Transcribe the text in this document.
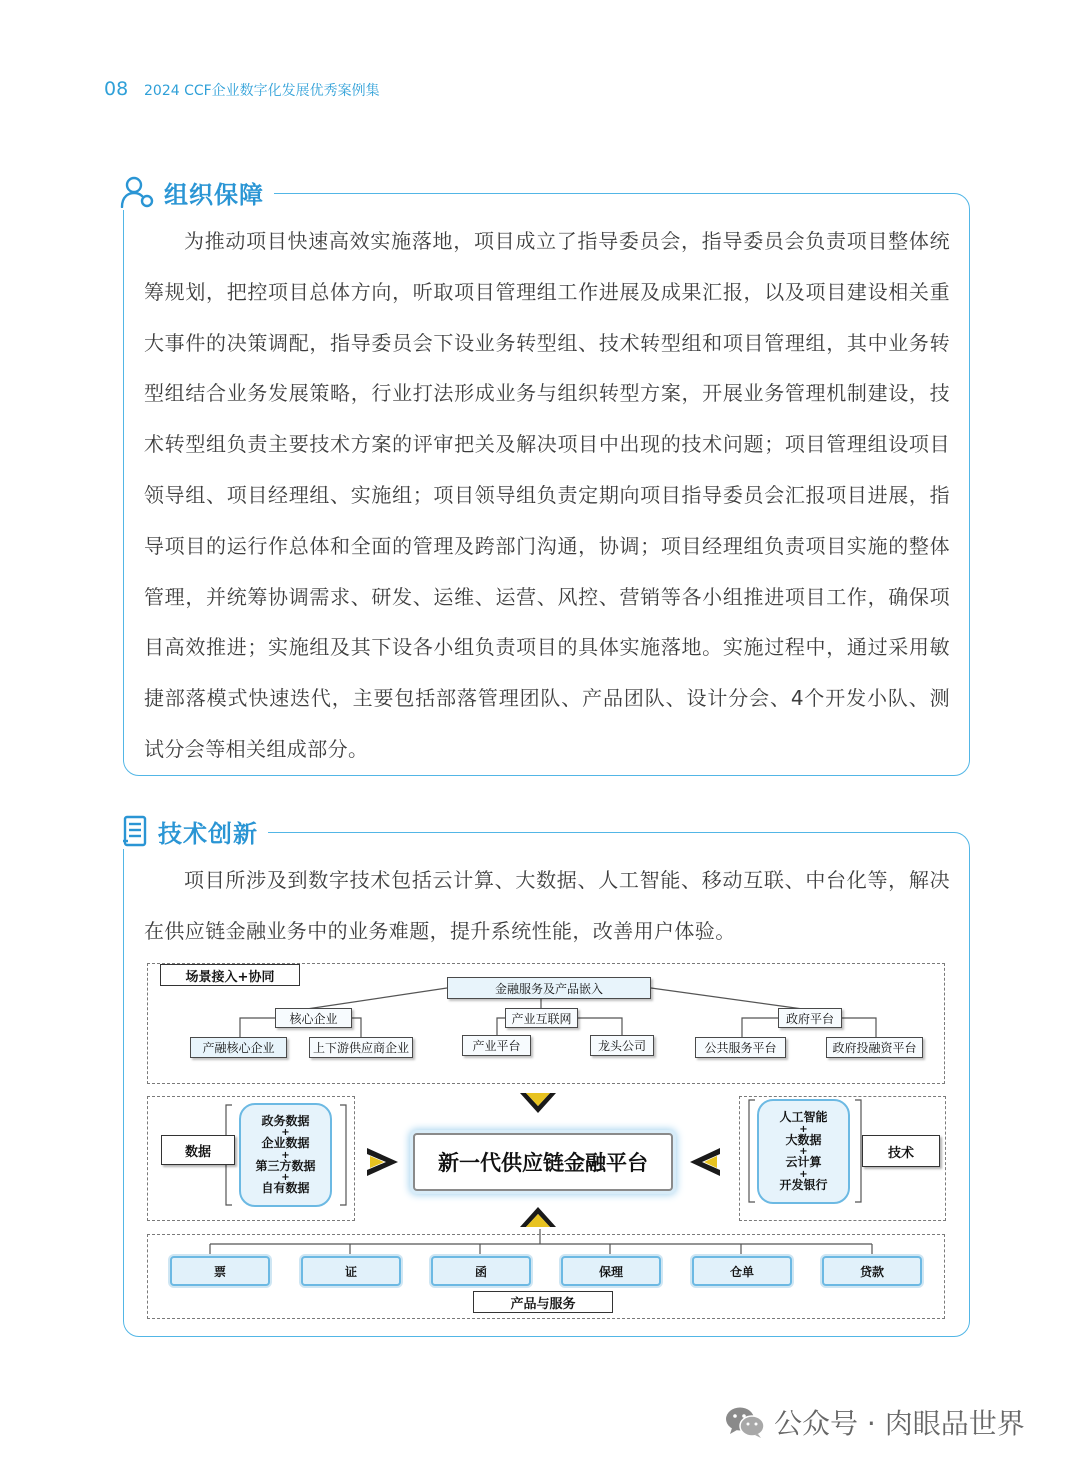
08 2024 CCF企业数字化发展优秀案例集
组织保障

为推动项目快速高效实施落地，项目成立了指导委员会，指导委员会负责项目整体统筹规划，把控项目总体方向，听取项目管理组工作进展及成果汇报，以及项目建设相关重大事件的决策调配，指导委员会下设业务转型组、技术转型组和项目管理组，其中业务转型组结合业务发展策略，行业打法形成业务与组织转型方案，开展业务管理机制建设，技术转型组负责主要技术方案的评审把关及解决项目中出现的技术问题；项目管理组设项目领导组、项目经理组、实施组；项目领导组负责定期向项目指导委员会汇报项目进展，指导项目的运行作总体和全面的管理及跨部门沟通，协调；项目经理组负责项目实施的整体管理，并统筹协调需求、研发、运维、运营、风控、营销等各小组推进项目工作，确保项目高效推进；实施组及其下设各小组负责项目的具体实施落地。实施过程中，通过采用敏捷部落模式快速迭代，主要包括部落管理团队、产品团队、设计分会、4个开发小队、测试分会等相关组成部分。

技术创新

项目所涉及到数字技术包括云计算、大数据、人工智能、移动互联、中台化等，解决在供应链金融业务中的业务难题，提升系统性能，改善用户体验。

场景接入+协同
金融服务及产品嵌入
核心企业	产业互联网	政府平台
产融核心企业	上下游供应商企业	产业平台	龙头公司	公共服务平台	政府投融资平台
数据
政务数据
+
企业数据
+
第三方数据
+
自有数据
新一代供应链金融平台
人工智能
+
大数据
+
云计算
+
开发银行
技术
票	证	函	保理	仓单	贷款
产品与服务
公众号 · 肉眼品世界
